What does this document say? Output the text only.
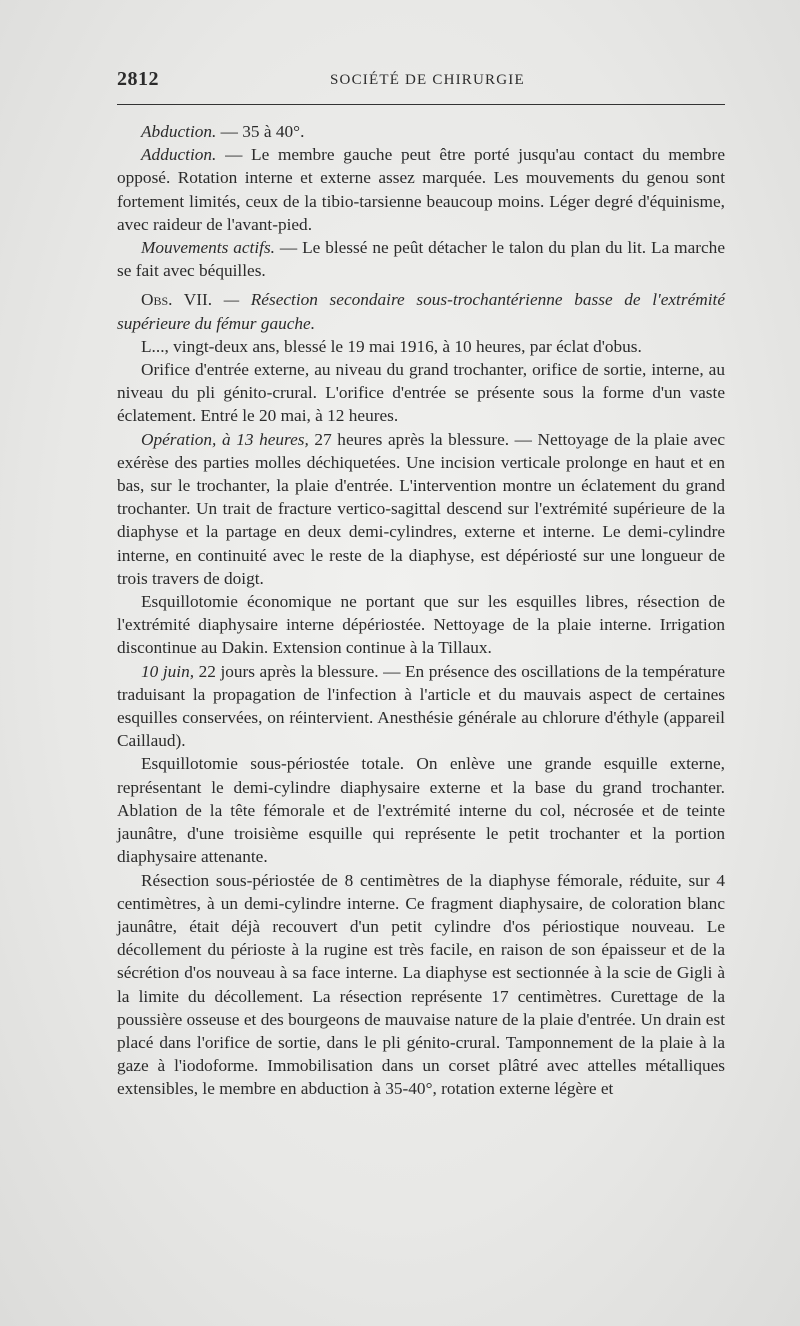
2812	SOCIÉTÉ DE CHIRURGIE

Abduction. — 35 à 40°.

Adduction. — Le membre gauche peut être porté jusqu'au contact du membre opposé. Rotation interne et externe assez marquée. Les mouvements du genou sont fortement limités, ceux de la tibio-tarsienne beaucoup moins. Léger degré d'équinisme, avec raideur de l'avant-pied.

Mouvements actifs. — Le blessé ne peût détacher le talon du plan du lit. La marche se fait avec béquilles.

Obs. VII. — Résection secondaire sous-trochantérienne basse de l'extrémité supérieure du fémur gauche.

L..., vingt-deux ans, blessé le 19 mai 1916, à 10 heures, par éclat d'obus.

Orifice d'entrée externe, au niveau du grand trochanter, orifice de sortie, interne, au niveau du pli génito-crural. L'orifice d'entrée se présente sous la forme d'un vaste éclatement. Entré le 20 mai, à 12 heures.

Opération, à 13 heures, 27 heures après la blessure. — Nettoyage de la plaie avec exérèse des parties molles déchiquetées. Une incision verticale prolonge en haut et en bas, sur le trochanter, la plaie d'entrée. L'intervention montre un éclatement du grand trochanter. Un trait de fracture vertico-sagittal descend sur l'extrémité supérieure de la diaphyse et la partage en deux demi-cylindres, externe et interne. Le demi-cylindre interne, en continuité avec le reste de la diaphyse, est dépériosté sur une longueur de trois travers de doigt.

Esquillotomie économique ne portant que sur les esquilles libres, résection de l'extrémité diaphysaire interne dépériostée. Nettoyage de la plaie interne. Irrigation discontinue au Dakin. Extension continue à la Tillaux.

10 juin, 22 jours après la blessure. — En présence des oscillations de la température traduisant la propagation de l'infection à l'article et du mauvais aspect de certaines esquilles conservées, on réintervient. Anesthésie générale au chlorure d'éthyle (appareil Caillaud).

Esquillotomie sous-périostée totale. On enlève une grande esquille externe, représentant le demi-cylindre diaphysaire externe et la base du grand trochanter. Ablation de la tête fémorale et de l'extrémité interne du col, nécrosée et de teinte jaunâtre, d'une troisième esquille qui représente le petit trochanter et la portion diaphysaire attenante.

Résection sous-périostée de 8 centimètres de la diaphyse fémorale, réduite, sur 4 centimètres, à un demi-cylindre interne. Ce fragment diaphysaire, de coloration blanc jaunâtre, était déjà recouvert d'un petit cylindre d'os périostique nouveau. Le décollement du périoste à la rugine est très facile, en raison de son épaisseur et de la sécrétion d'os nouveau à sa face interne. La diaphyse est sectionnée à la scie de Gigli à la limite du décollement. La résection représente 17 centimètres. Curettage de la poussière osseuse et des bourgeons de mauvaise nature de la plaie d'entrée. Un drain est placé dans l'orifice de sortie, dans le pli génito-crural. Tamponnement de la plaie à la gaze à l'iodoforme. Immobilisation dans un corset plâtré avec attelles métalliques extensibles, le membre en abduction à 35-40°, rotation externe légère et
